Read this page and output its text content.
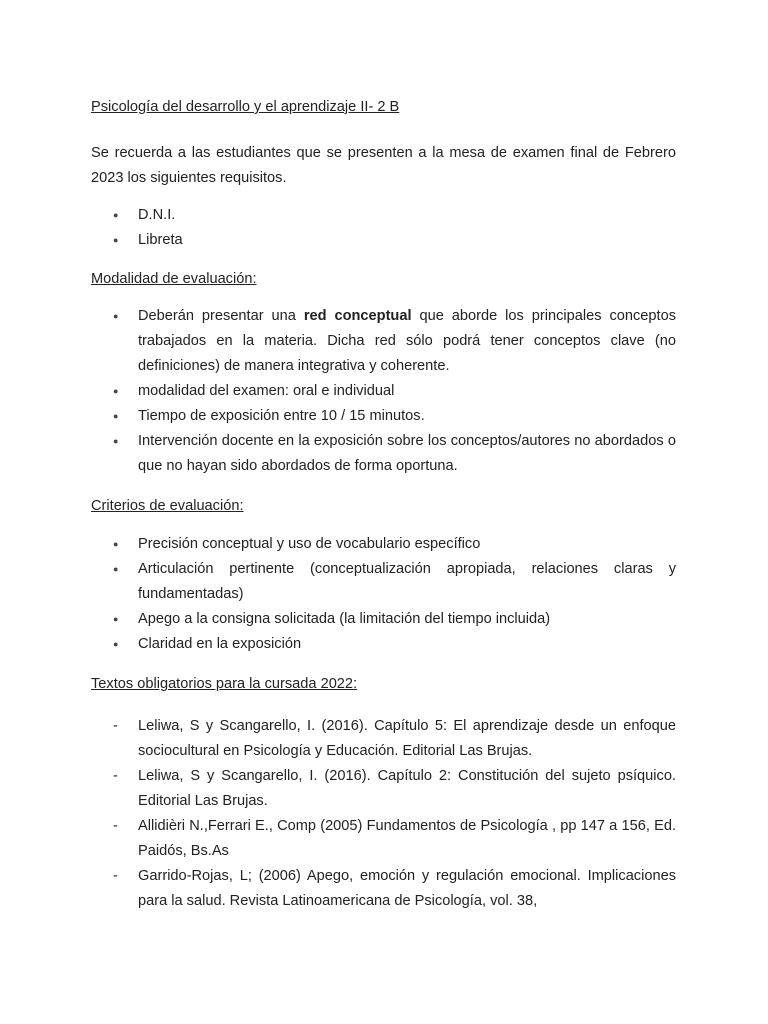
Psicología del desarrollo y el aprendizaje II- 2 B

Se recuerda a las estudiantes que se presenten a la mesa de examen final de Febrero 2023 los siguientes requisitos.

●	D.N.I.
●	Libreta

Modalidad de evaluación:

●	Deberán presentar una red conceptual que aborde los principales conceptos trabajados en la materia. Dicha red sólo podrá tener conceptos clave (no definiciones) de manera integrativa y coherente.
●	modalidad del examen: oral e individual
●	Tiempo de exposición entre 10 / 15 minutos.
●	Intervención docente en la exposición sobre los conceptos/autores no abordados o que no hayan sido abordados de forma oportuna.

Criterios de evaluación:

●	Precisión conceptual y uso de vocabulario específico
●	Articulación pertinente (conceptualización apropiada, relaciones claras y fundamentadas)
●	Apego a la consigna solicitada (la limitación del tiempo incluida)
●	Claridad en la exposición

Textos obligatorios para la cursada 2022:

-	Leliwa, S y Scangarello, I. (2016). Capítulo 5: El aprendizaje desde un enfoque sociocultural en Psicología y Educación. Editorial Las Brujas.
-	Leliwa, S y Scangarello, I. (2016). Capítulo 2: Constitución del sujeto psíquico. Editorial Las Brujas.
-	Allidièri N.,Ferrari E., Comp (2005) Fundamentos de Psicología , pp 147 a 156, Ed. Paidós, Bs.As
-	Garrido-Rojas, L; (2006) Apego, emoción y regulación emocional. Implicaciones para la salud. Revista Latinoamericana de Psicología, vol. 38,
